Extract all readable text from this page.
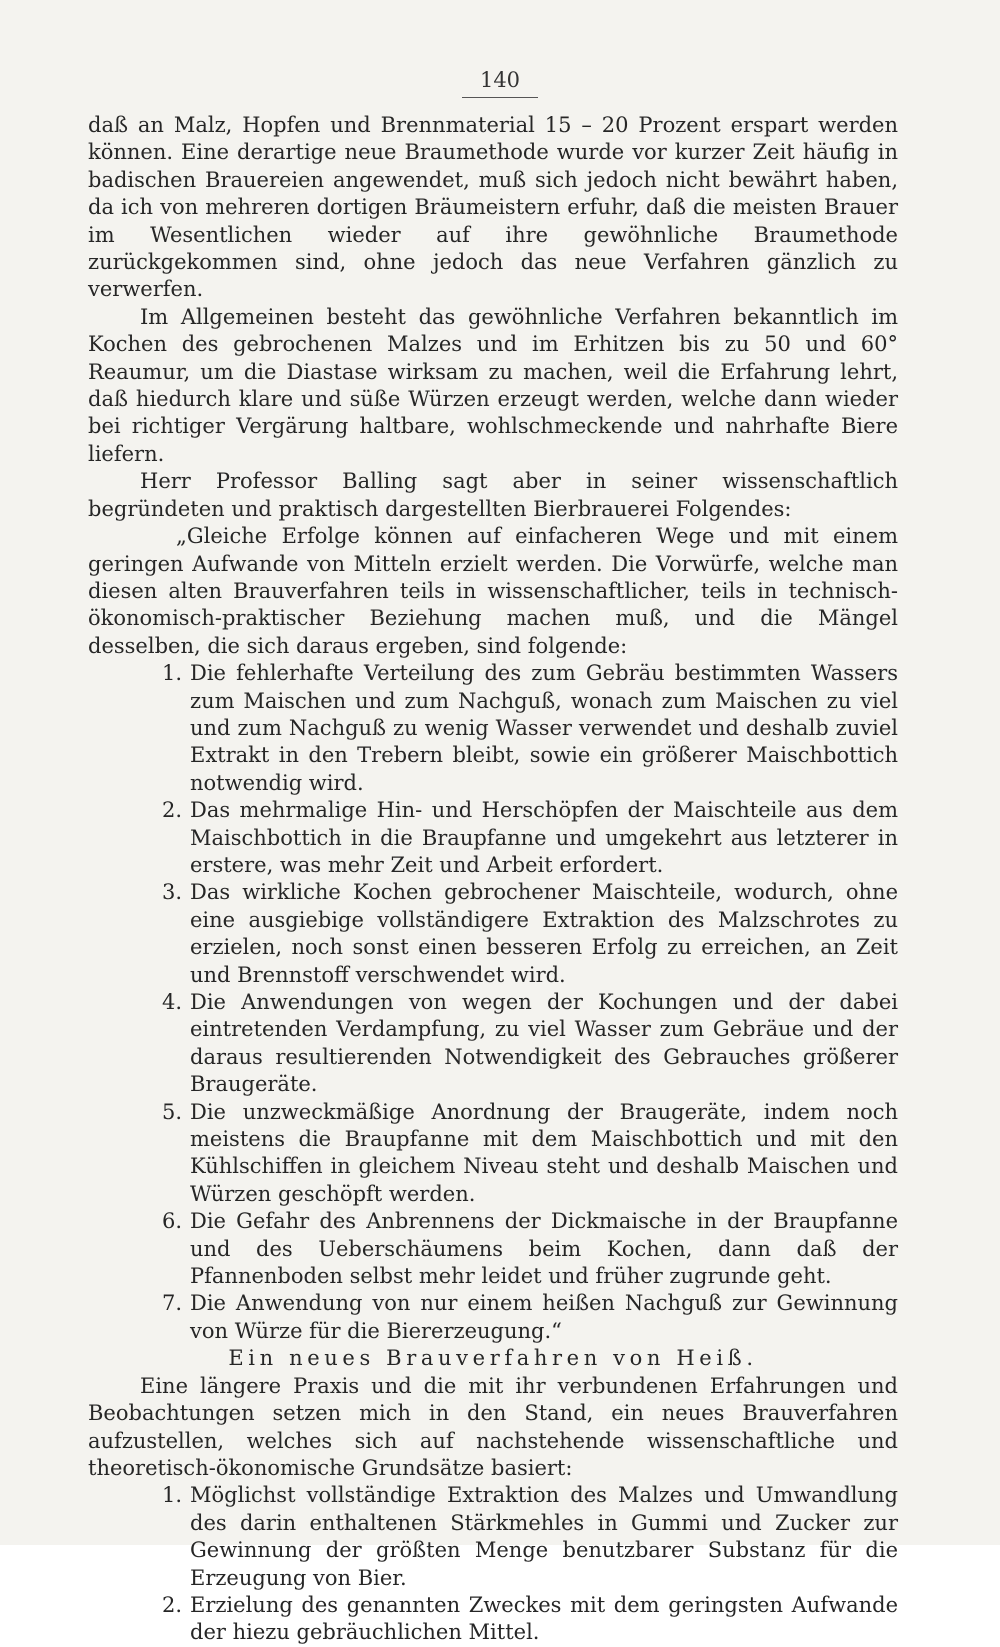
140

daß an Malz, Hopfen und Brennmaterial 15 – 20 Prozent erspart werden können. Eine derartige neue Braumethode wurde vor kurzer Zeit häufig in badischen Brauereien angewendet, muß sich jedoch nicht bewährt haben, da ich von mehreren dortigen Bräumeistern erfuhr, daß die meisten Brauer im Wesentlichen wieder auf ihre gewöhnliche Braumethode zurückgekommen sind, ohne jedoch das neue Verfahren gänzlich zu verwerfen.

Im Allgemeinen besteht das gewöhnliche Verfahren bekanntlich im Kochen des gebrochenen Malzes und im Erhitzen bis zu 50 und 60° Reaumur, um die Diastase wirksam zu machen, weil die Erfahrung lehrt, daß hiedurch klare und süße Würzen erzeugt werden, welche dann wieder bei richtiger Vergärung haltbare, wohlschmeckende und nahrhafte Biere liefern.

Herr Professor Balling sagt aber in seiner wissenschaftlich begründeten und praktisch dargestellten Bierbrauerei Folgendes:

„Gleiche Erfolge können auf einfacheren Wege und mit einem geringen Aufwande von Mitteln erzielt werden. Die Vorwürfe, welche man diesen alten Brauverfahren teils in wissenschaftlicher, teils in technisch-ökonomisch-praktischer Beziehung machen muß, und die Mängel desselben, die sich daraus ergeben, sind folgende:

1. Die fehlerhafte Verteilung des zum Gebräu bestimmten Wassers zum Maischen und zum Nachguß, wonach zum Maischen zu viel und zum Nachguß zu wenig Wasser verwendet und deshalb zuviel Extrakt in den Trebern bleibt, sowie ein größerer Maischbottich notwendig wird.
2. Das mehrmalige Hin- und Herschöpfen der Maischteile aus dem Maischbottich in die Braupfanne und umgekehrt aus letzterer in erstere, was mehr Zeit und Arbeit erfordert.
3. Das wirkliche Kochen gebrochener Maischteile, wodurch, ohne eine ausgiebige vollständigere Extraktion des Malzschrotes zu erzielen, noch sonst einen besseren Erfolg zu erreichen, an Zeit und Brennstoff verschwendet wird.
4. Die Anwendungen von wegen der Kochungen und der dabei eintretenden Verdampfung, zu viel Wasser zum Gebräue und der daraus resultierenden Notwendigkeit des Gebrauches größerer Braugeräte.
5. Die unzweckmäßige Anordnung der Braugeräte, indem noch meistens die Braupfanne mit dem Maischbottich und mit den Kühlschiffen in gleichem Niveau steht und deshalb Maischen und Würzen geschöpft werden.
6. Die Gefahr des Anbrennens der Dickmaische in der Braupfanne und des Ueberschäumens beim Kochen, dann daß der Pfannenboden selbst mehr leidet und früher zugrunde geht.
7. Die Anwendung von nur einem heißen Nachguß zur Gewinnung von Würze für die Biererzeugung.“

Ein neues Brauverfahren von Heiß.

Eine längere Praxis und die mit ihr verbundenen Erfahrungen und Beobachtungen setzen mich in den Stand, ein neues Brauverfahren aufzustellen, welches sich auf nachstehende wissenschaftliche und theoretisch-ökonomische Grundsätze basiert:

1. Möglichst vollständige Extraktion des Malzes und Umwandlung des darin enthaltenen Stärkmehles in Gummi und Zucker zur Gewinnung der größten Menge benutzbarer Substanz für die Erzeugung von Bier.
2. Erzielung des genannten Zweckes mit dem geringsten Aufwande der hiezu gebräuchlichen Mittel.
